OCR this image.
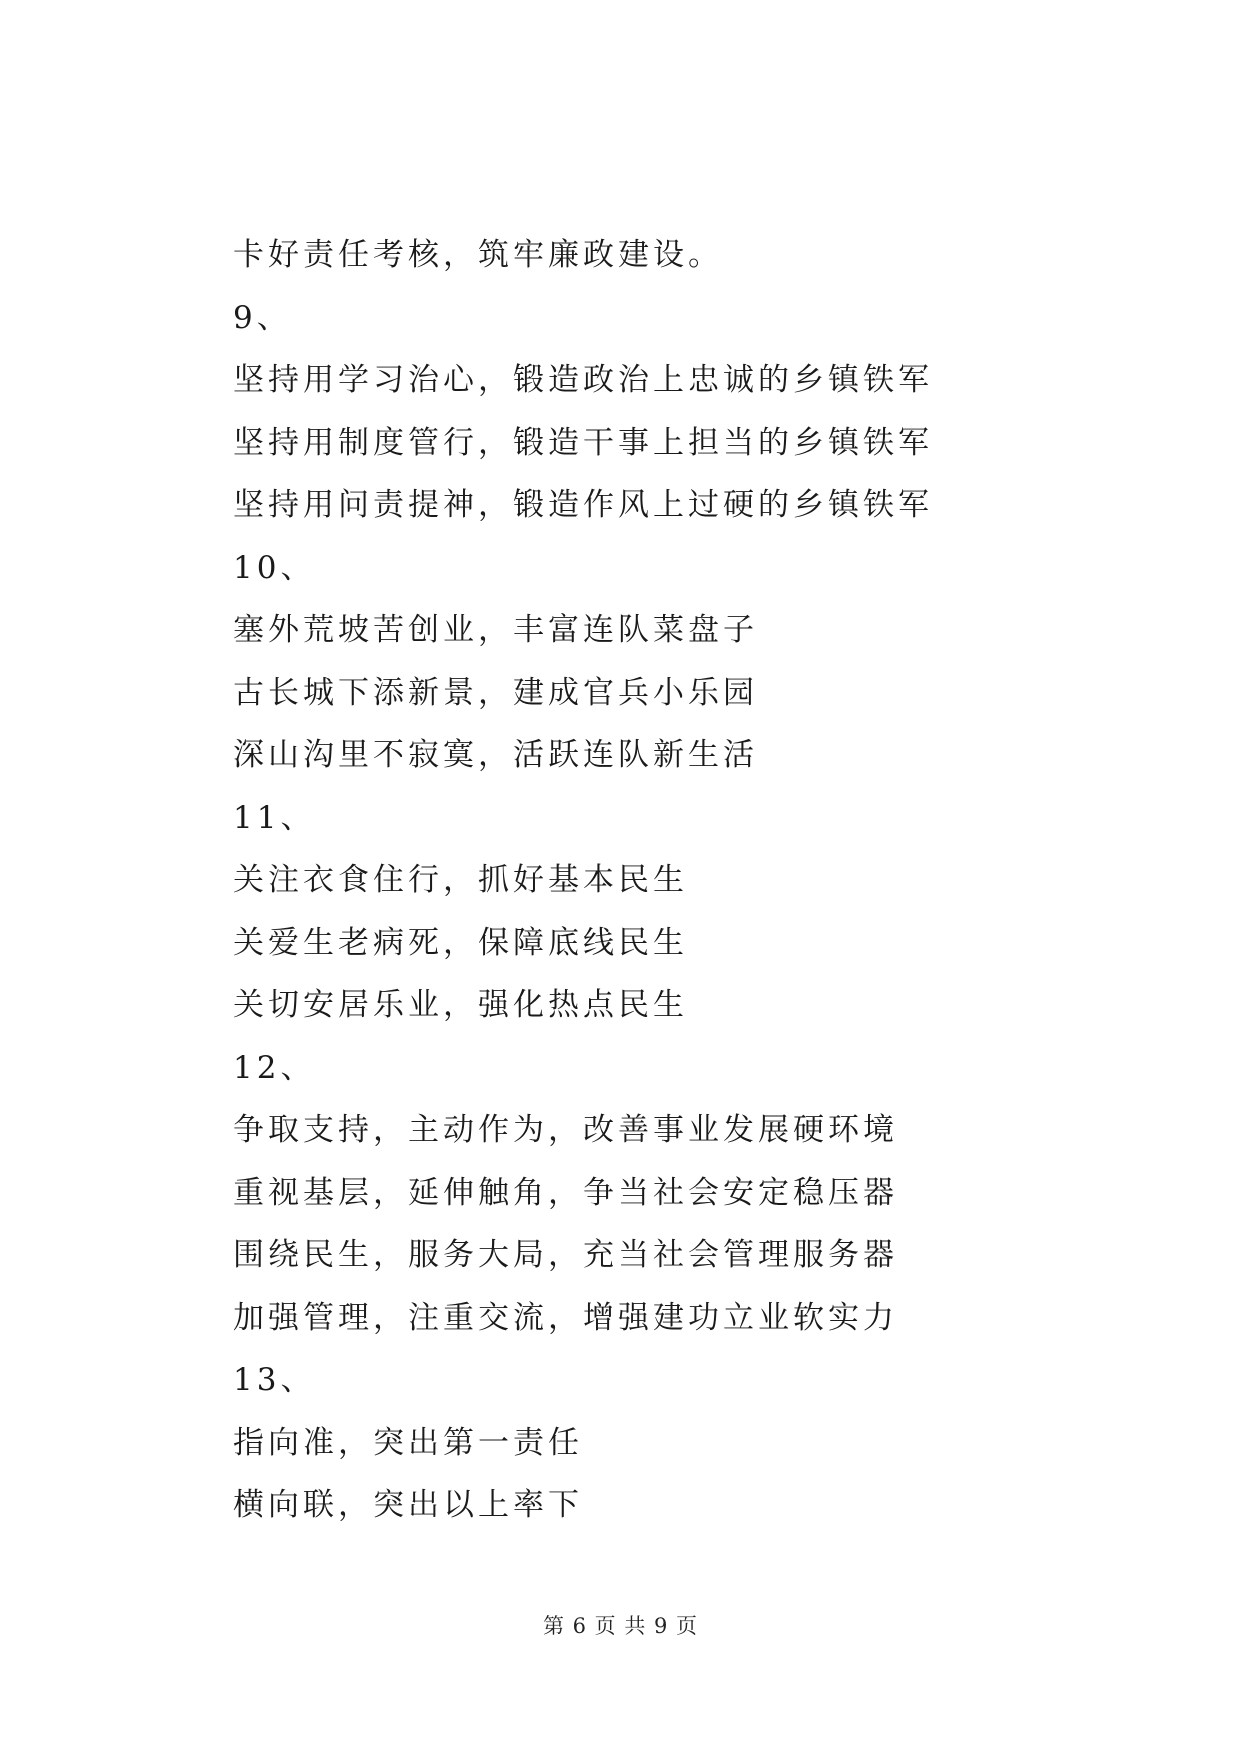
卡好责任考核，筑牢廉政建设。
9、
坚持用学习治心，锻造政治上忠诚的乡镇铁军
坚持用制度管行，锻造干事上担当的乡镇铁军
坚持用问责提神，锻造作风上过硬的乡镇铁军
10、
塞外荒坡苦创业，丰富连队菜盘子
古长城下添新景，建成官兵小乐园
深山沟里不寂寞，活跃连队新生活
11、
关注衣食住行，抓好基本民生
关爱生老病死，保障底线民生
关切安居乐业，强化热点民生
12、
争取支持，主动作为，改善事业发展硬环境
重视基层，延伸触角，争当社会安定稳压器
围绕民生，服务大局，充当社会管理服务器
加强管理，注重交流，增强建功立业软实力
13、
指向准，突出第一责任
横向联，突出以上率下
第 6 页 共 9 页
